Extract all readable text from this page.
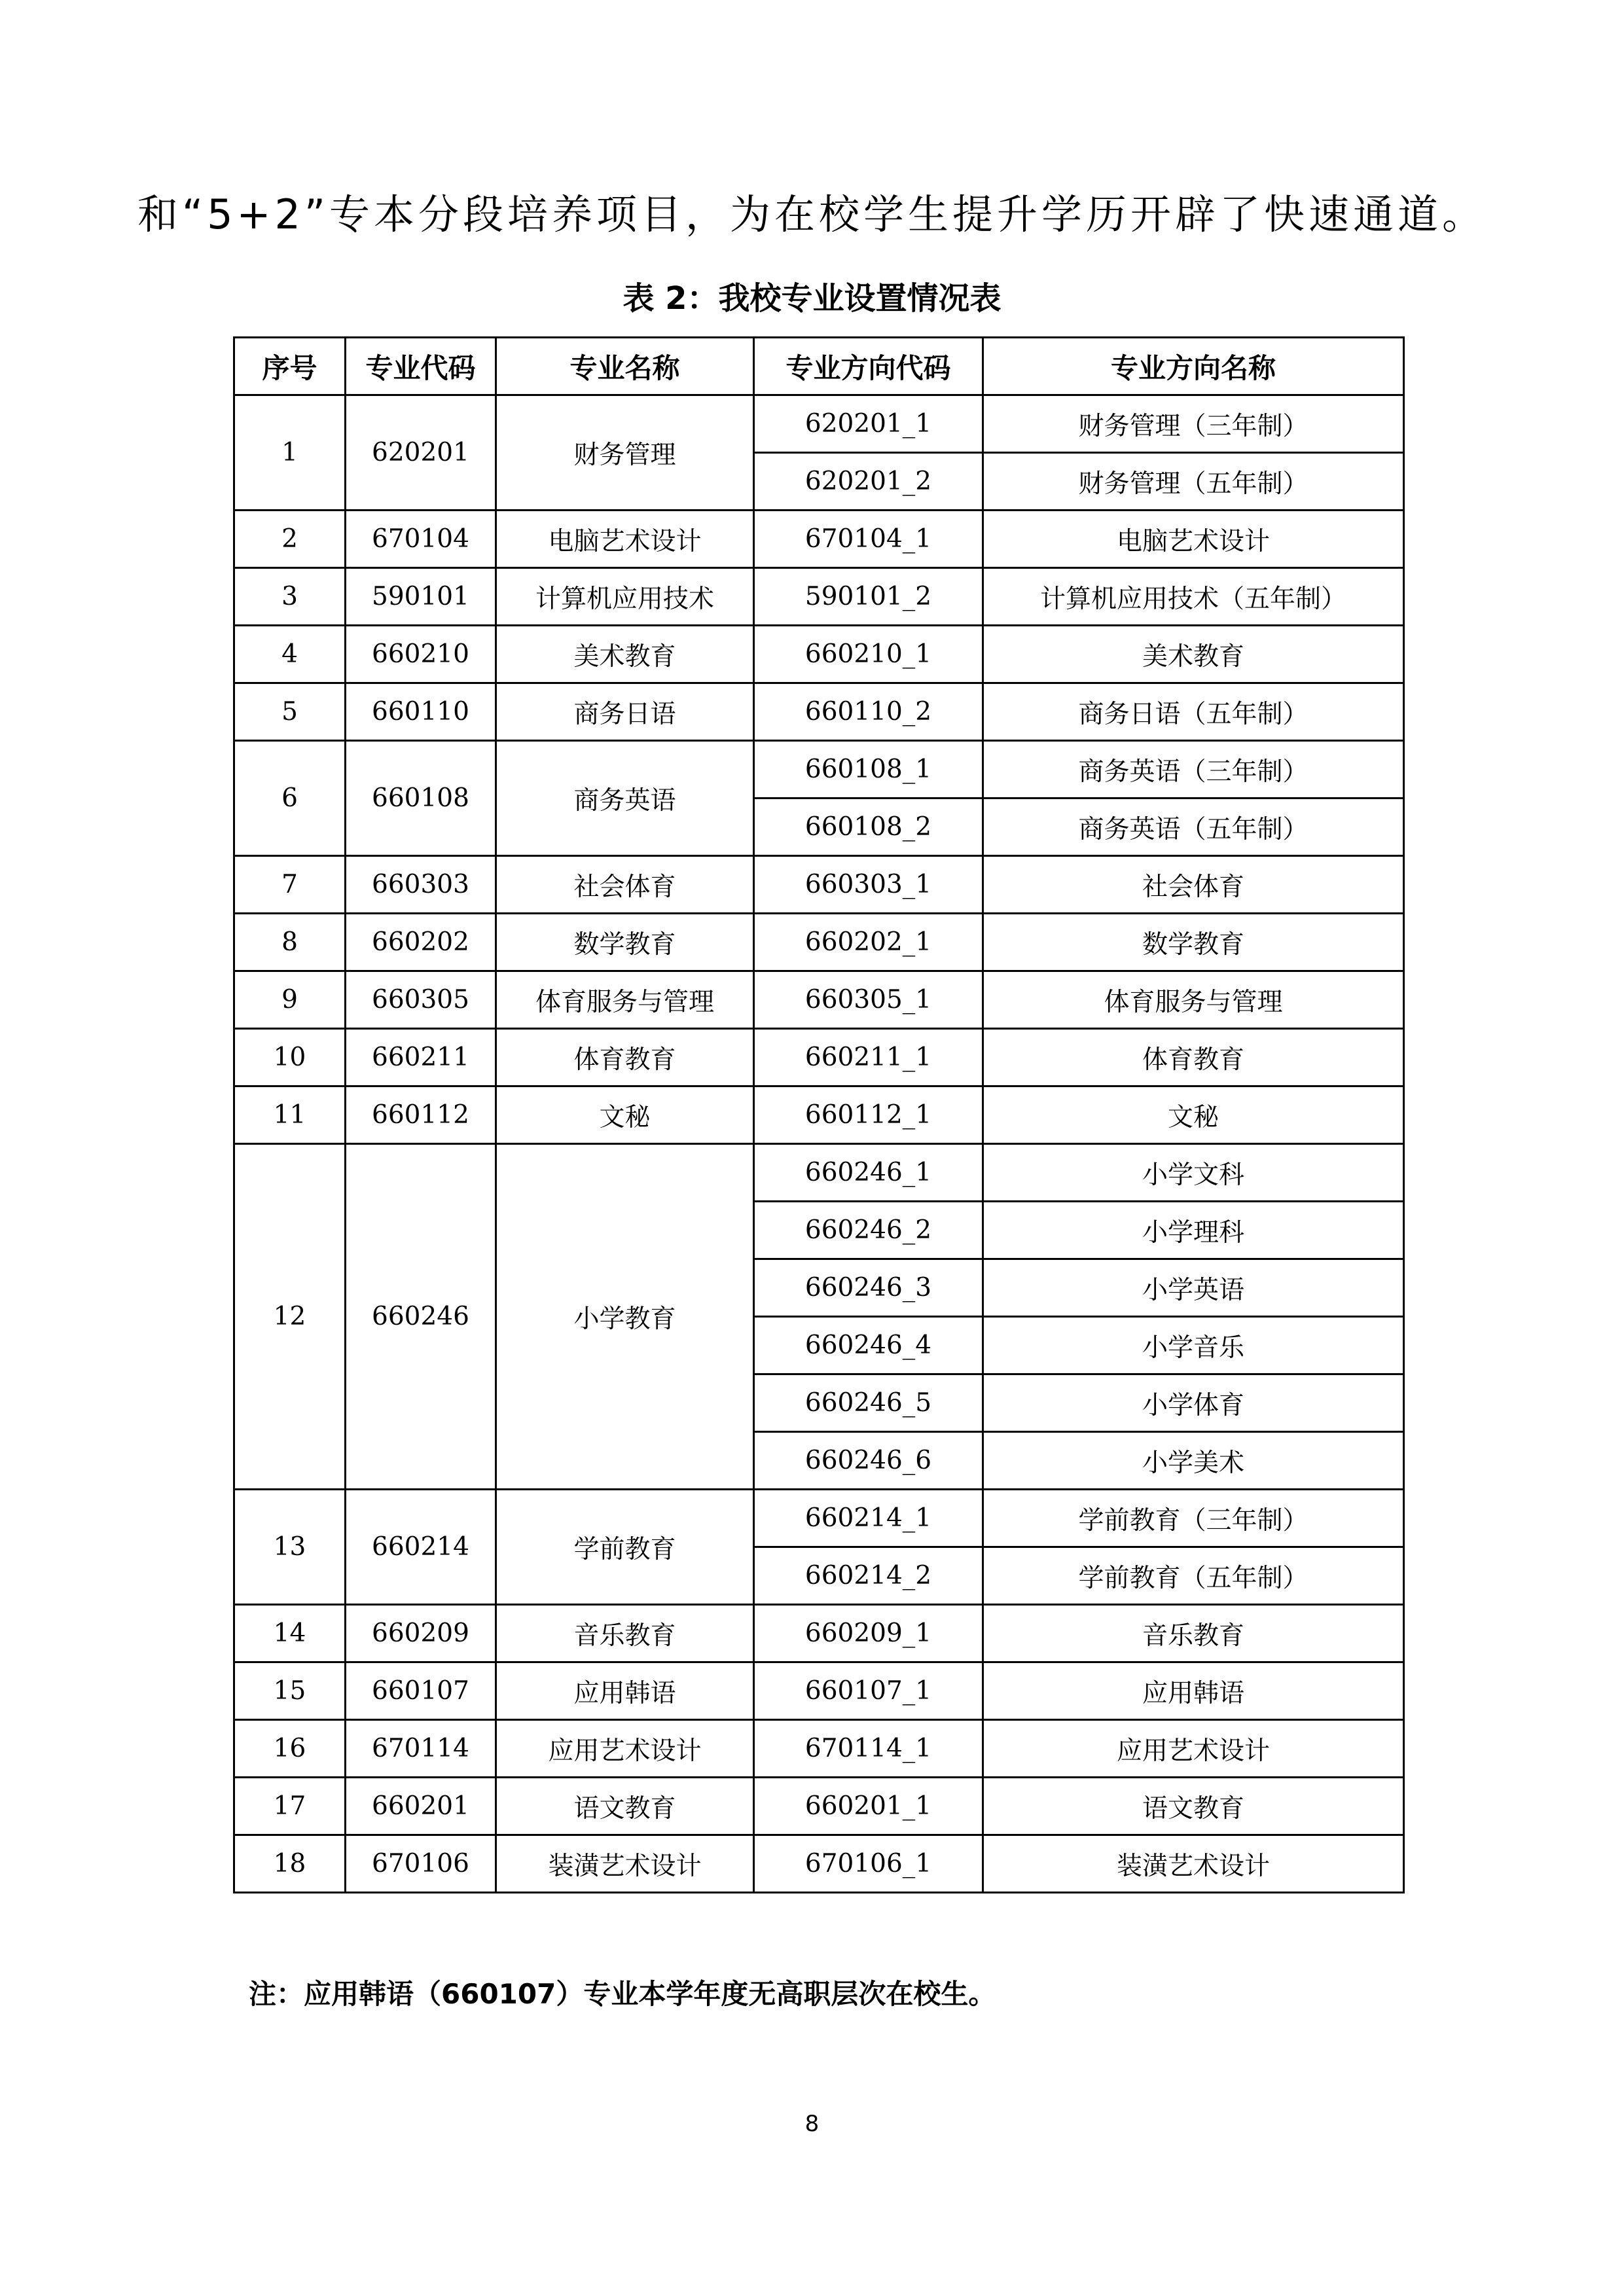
和“5+2”专本分段培养项目，为在校学生提升学历开辟了快速通道。
表 2：我校专业设置情况表
序号	专业代码	专业名称	专业方向代码	专业方向名称
1	620201	财务管理	620201_1	财务管理（三年制）
			620201_2	财务管理（五年制）
2	670104	电脑艺术设计	670104_1	电脑艺术设计
3	590101	计算机应用技术	590101_2	计算机应用技术（五年制）
4	660210	美术教育	660210_1	美术教育
5	660110	商务日语	660110_2	商务日语（五年制）
6	660108	商务英语	660108_1	商务英语（三年制）
			660108_2	商务英语（五年制）
7	660303	社会体育	660303_1	社会体育
8	660202	数学教育	660202_1	数学教育
9	660305	体育服务与管理	660305_1	体育服务与管理
10	660211	体育教育	660211_1	体育教育
11	660112	文秘	660112_1	文秘
12	660246	小学教育	660246_1	小学文科
			660246_2	小学理科
			660246_3	小学英语
			660246_4	小学音乐
			660246_5	小学体育
			660246_6	小学美术
13	660214	学前教育	660214_1	学前教育（三年制）
			660214_2	学前教育（五年制）
14	660209	音乐教育	660209_1	音乐教育
15	660107	应用韩语	660107_1	应用韩语
16	670114	应用艺术设计	670114_1	应用艺术设计
17	660201	语文教育	660201_1	语文教育
18	670106	装潢艺术设计	670106_1	装潢艺术设计
注：应用韩语（660107）专业本学年度无高职层次在校生。
8
